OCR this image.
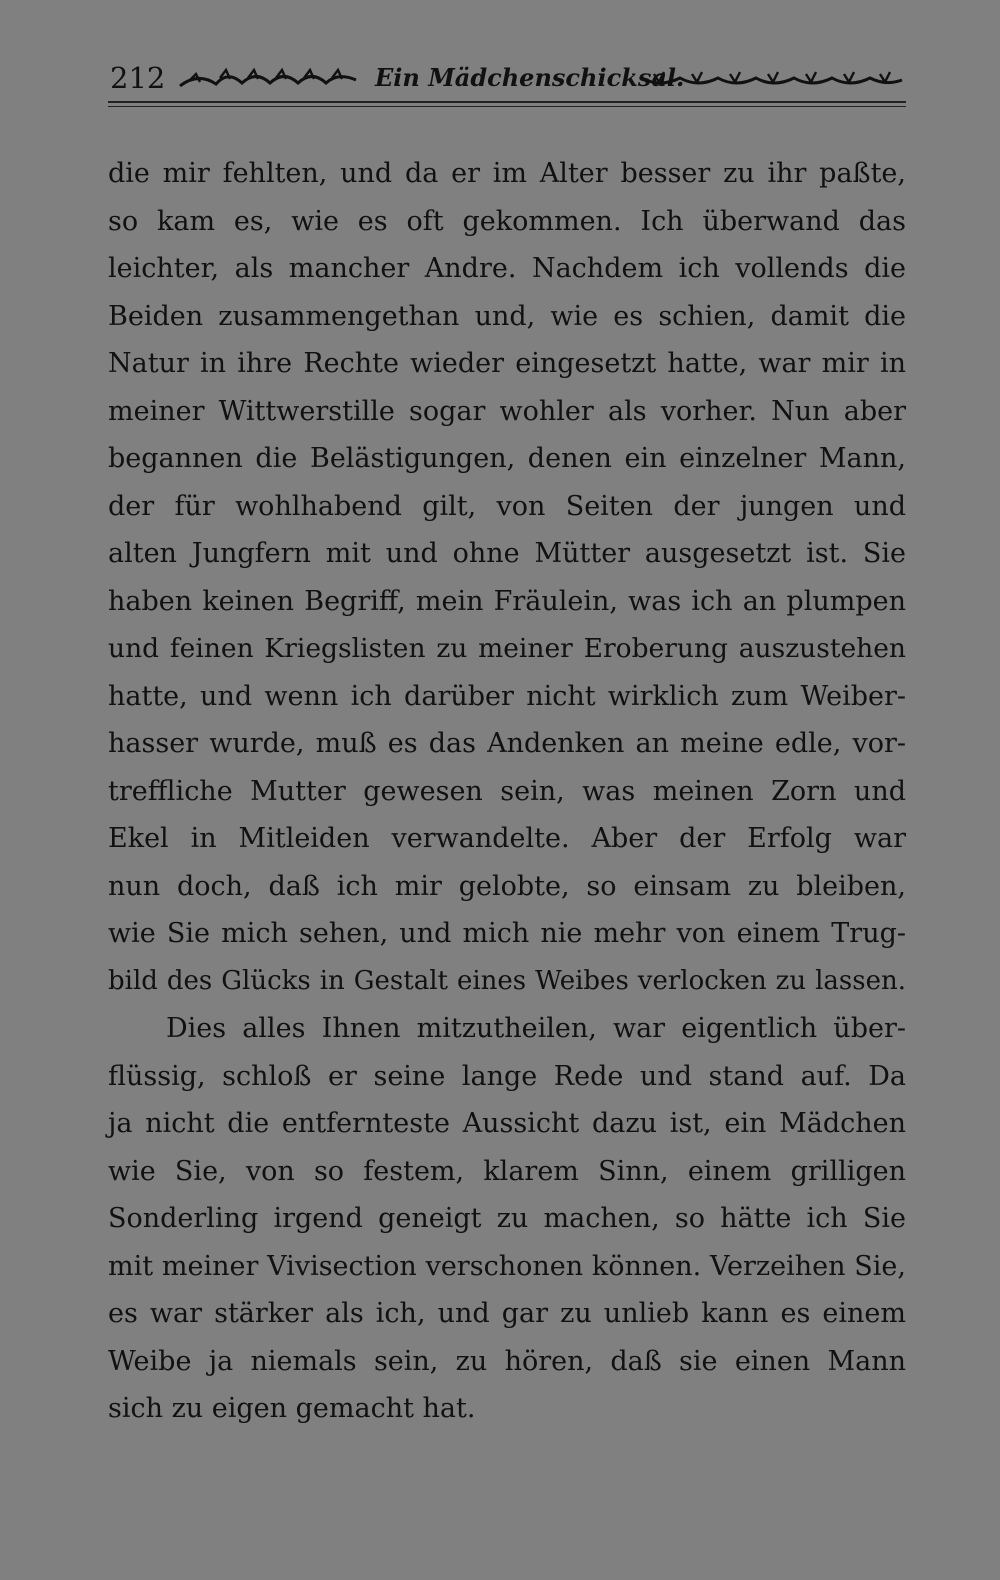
212	Ein Mädchenschicksal.
die mir fehlten, und da er im Alter besser zu ihr paßte,
so kam es, wie es oft gekommen. Ich überwand das
leichter, als mancher Andre. Nachdem ich vollends die
Beiden zusammengethan und, wie es schien, damit die
Natur in ihre Rechte wieder eingesetzt hatte, war mir in
meiner Wittwerstille sogar wohler als vorher. Nun aber
begannen die Belästigungen, denen ein einzelner Mann,
der für wohlhabend gilt, von Seiten der jungen und
alten Jungfern mit und ohne Mütter ausgesetzt ist. Sie
haben keinen Begriff, mein Fräulein, was ich an plumpen
und feinen Kriegslisten zu meiner Eroberung auszustehen
hatte, und wenn ich darüber nicht wirklich zum Weiber-
hasser wurde, muß es das Andenken an meine edle, vor-
treffliche Mutter gewesen sein, was meinen Zorn und
Ekel in Mitleiden verwandelte. Aber der Erfolg war
nun doch, daß ich mir gelobte, so einsam zu bleiben,
wie Sie mich sehen, und mich nie mehr von einem Trug-
bild des Glücks in Gestalt eines Weibes verlocken zu lassen.
Dies alles Ihnen mitzutheilen, war eigentlich über-
flüssig, schloß er seine lange Rede und stand auf. Da
ja nicht die entfernteste Aussicht dazu ist, ein Mädchen
wie Sie, von so festem, klarem Sinn, einem grilligen
Sonderling irgend geneigt zu machen, so hätte ich Sie
mit meiner Vivisection verschonen können. Verzeihen Sie,
es war stärker als ich, und gar zu unlieb kann es einem
Weibe ja niemals sein, zu hören, daß sie einen Mann
sich zu eigen gemacht hat.
